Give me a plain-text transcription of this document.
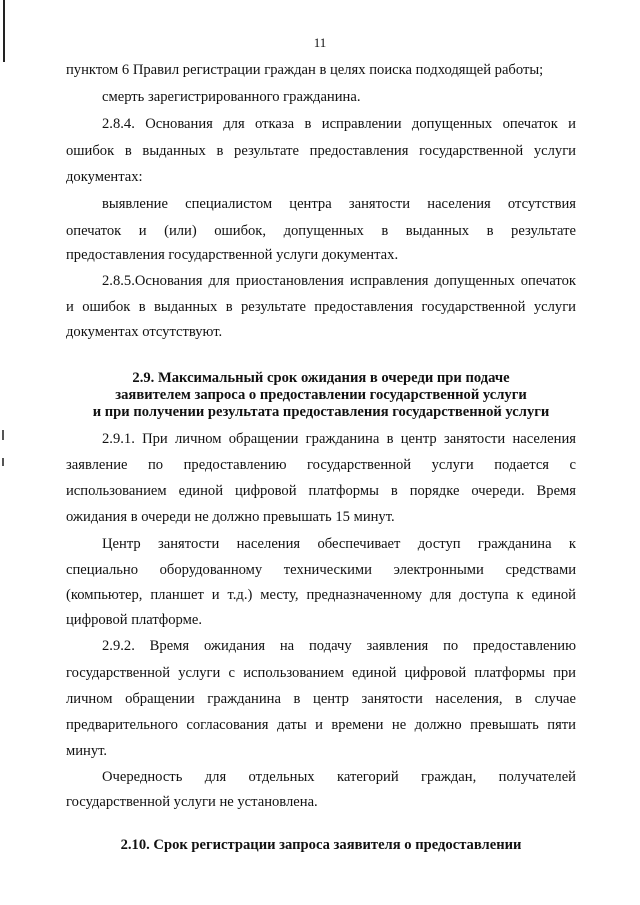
11
пунктом 6 Правил регистрации граждан в целях поиска подходящей работы;
смерть зарегистрированного гражданина.
2.8.4. Основания для отказа в исправлении допущенных опечаток и
ошибок в выданных в результате предоставления государственной услуги
документах:
выявление специалистом центра занятости населения отсутствия
опечаток и (или) ошибок, допущенных в выданных в результате
предоставления государственной услуги документах.
2.8.5.Основания для приостановления исправления допущенных опечаток
и ошибок в выданных в результате предоставления государственной услуги
документах отсутствуют.
2.9. Максимальный срок ожидания в очереди при подаче
заявителем запроса о предоставлении государственной услуги
и при получении результата предоставления государственной услуги
2.9.1. При личном обращении гражданина в центр занятости населения
заявление по предоставлению государственной услуги подается с
использованием единой цифровой платформы в порядке очереди. Время
ожидания в очереди не должно превышать 15 минут.
Центр занятости населения обеспечивает доступ гражданина к
специально оборудованному техническими электронными средствами
(компьютер, планшет и т.д.) месту, предназначенному для доступа к единой
цифровой платформе.
2.9.2. Время ожидания на подачу заявления по предоставлению
государственной услуги с использованием единой цифровой платформы при
личном обращении гражданина в центр занятости населения, в случае
предварительного согласования даты и времени не должно превышать пяти
минут.
Очередность для отдельных категорий граждан, получателей
государственной услуги не установлена.
2.10. Срок регистрации запроса заявителя о предоставлении
